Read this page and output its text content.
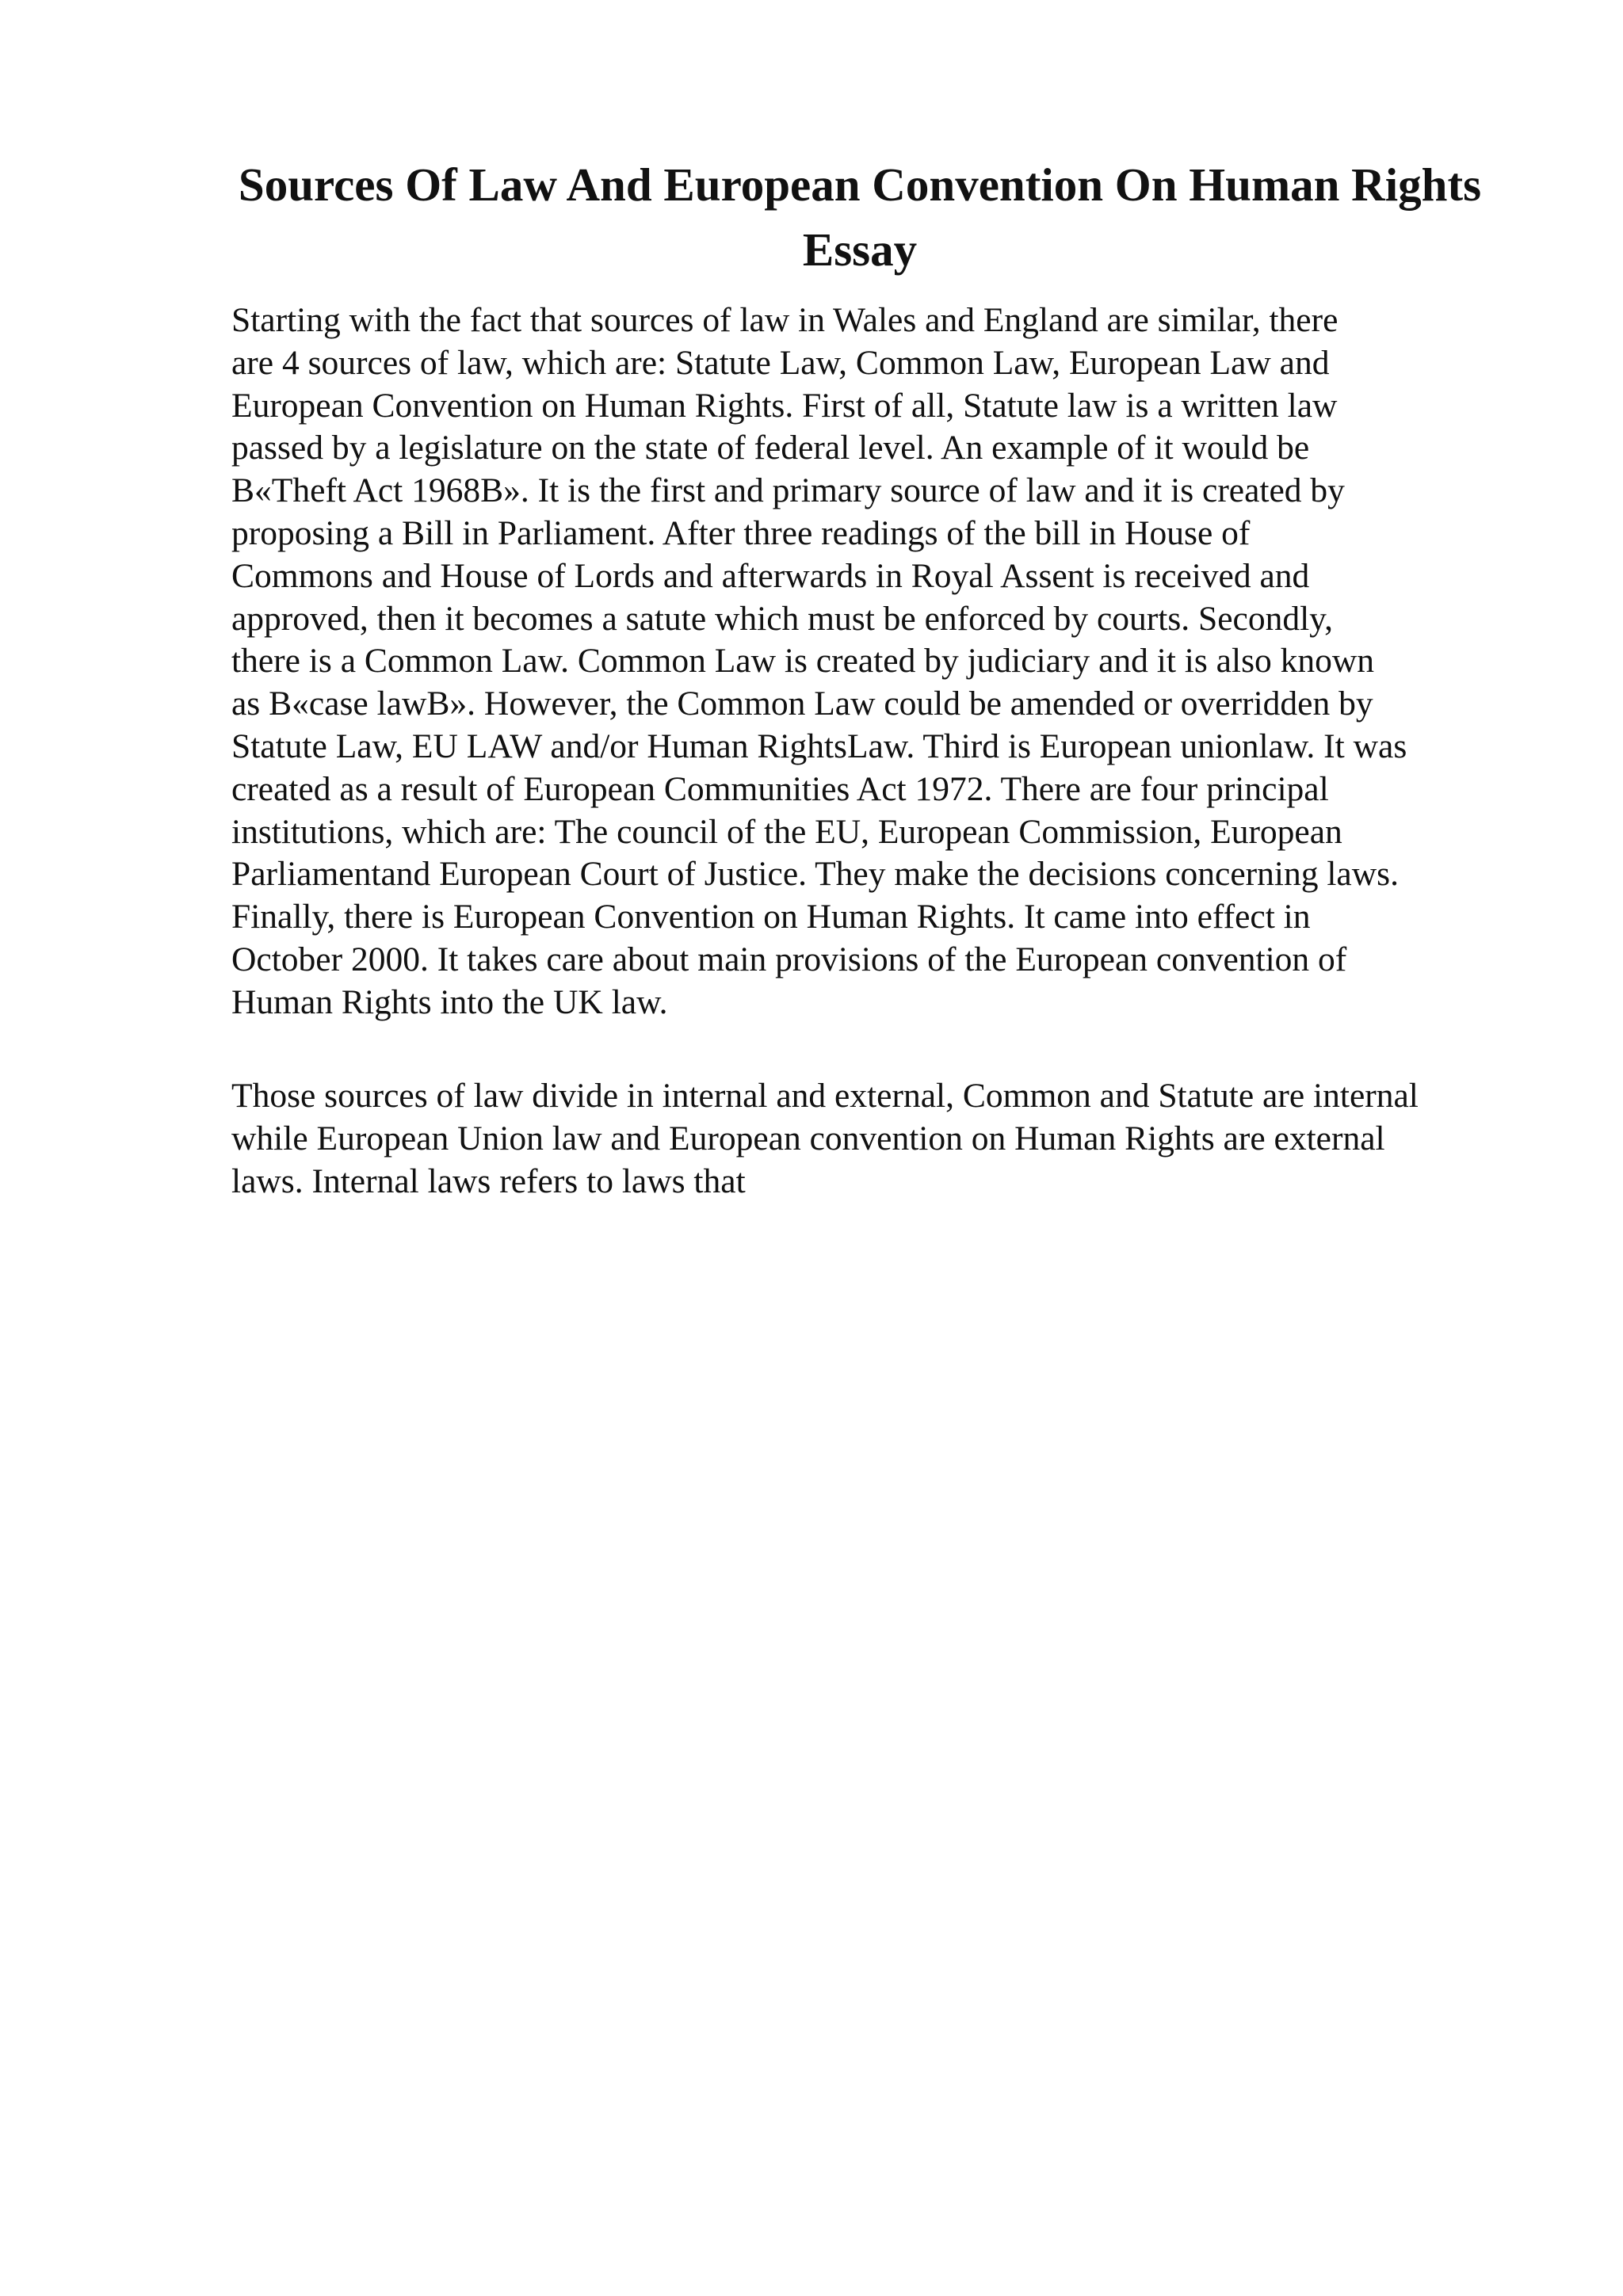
Sources Of Law And European Convention On Human Rights Essay
Starting with the fact that sources of law in Wales and England are similar, there
are 4 sources of law, which are: Statute Law, Common Law, European Law and
European Convention on Human Rights. First of all, Statute law is a written law
passed by a legislature on the state of federal level. An example of it would be
B«Theft Act 1968B». It is the first and primary source of law and it is created by
proposing a Bill in Parliament. After three readings of the bill in House of
Commons and House of Lords and afterwards in Royal Assent is received and
approved, then it becomes a satute which must be enforced by courts. Secondly,
there is a Common Law. Common Law is created by judiciary and it is also known
as B«case lawB». However, the Common Law could be amended or overridden by
Statute Law, EU LAW and/or Human RightsLaw. Third is European unionlaw. It was
created as a result of European Communities Act 1972. There are four principal
institutions, which are: The council of the EU, European Commission, European
Parliamentand European Court of Justice. They make the decisions concerning laws.
Finally, there is European Convention on Human Rights. It came into effect in
October 2000. It takes care about main provisions of the European convention of
Human Rights into the UK law.
Those sources of law divide in internal and external, Common and Statute are internal
while European Union law and European convention on Human Rights are external
laws. Internal laws refers to laws that
